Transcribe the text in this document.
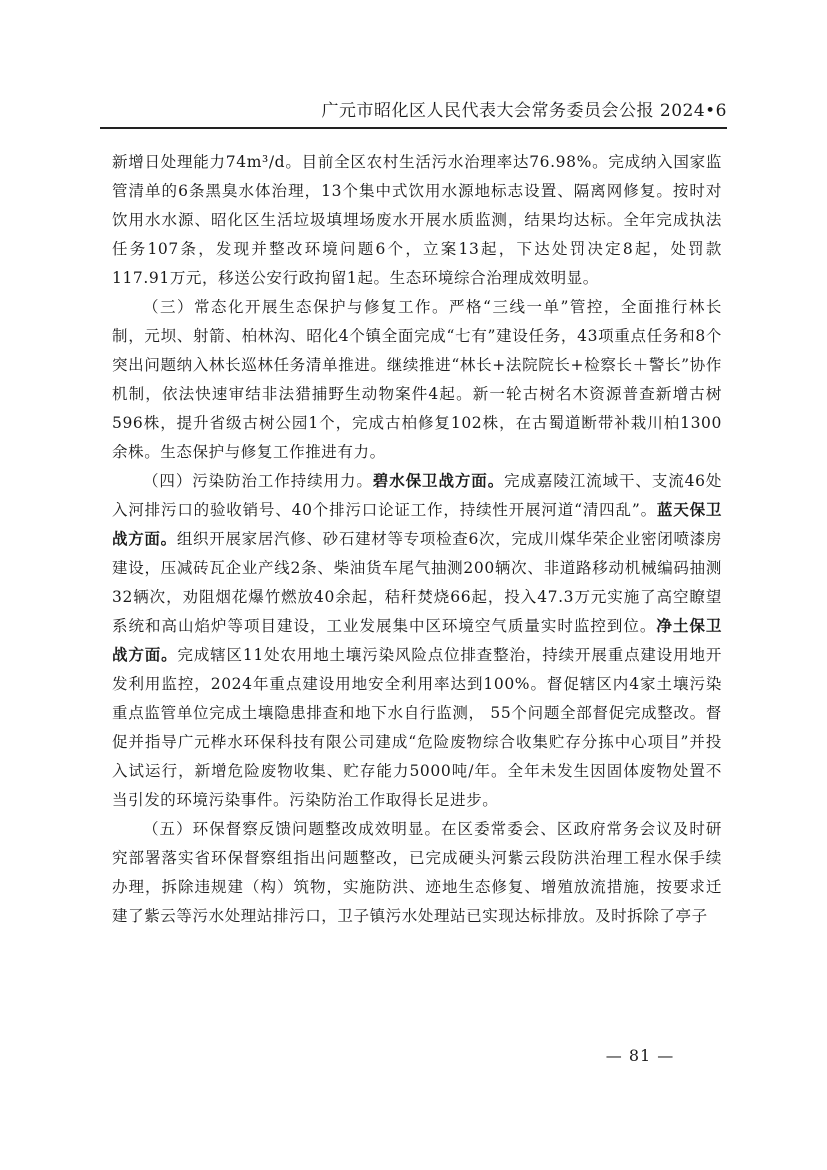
广元市昭化区人民代表大会常务委员会公报 2024•6

新增日处理能力74m³/d。目前全区农村生活污水治理率达76.98%。完成纳入国家监管清单的6条黑臭水体治理，13个集中式饮用水源地标志设置、隔离网修复。按时对饮用水水源、昭化区生活垃圾填埋场废水开展水质监测，结果均达标。全年完成执法任务107条，发现并整改环境问题6个，立案13起，下达处罚决定8起，处罚款117.91万元，移送公安行政拘留1起。生态环境综合治理成效明显。

（三）常态化开展生态保护与修复工作。严格“三线一单”管控，全面推行林长制，元坝、射箭、柏林沟、昭化4个镇全面完成“七有”建设任务，43项重点任务和8个突出问题纳入林长巡林任务清单推进。继续推进“林长+法院院长+检察长＋警长”协作机制，依法快速审结非法猎捕野生动物案件4起。新一轮古树名木资源普查新增古树596株，提升省级古树公园1个，完成古柏修复102株，在古蜀道断带补栽川柏1300余株。生态保护与修复工作推进有力。

（四）污染防治工作持续用力。碧水保卫战方面。完成嘉陵江流域干、支流46处入河排污口的验收销号、40个排污口论证工作，持续性开展河道“清四乱”。蓝天保卫战方面。组织开展家居汽修、砂石建材等专项检查6次，完成川煤华荣企业密闭喷漆房建设，压减砖瓦企业产线2条、柴油货车尾气抽测200辆次、非道路移动机械编码抽测32辆次，劝阻烟花爆竹燃放40余起，秸秆焚烧66起，投入47.3万元实施了高空瞭望系统和高山焰炉等项目建设，工业发展集中区环境空气质量实时监控到位。净土保卫战方面。完成辖区11处农用地土壤污染风险点位排查整治，持续开展重点建设用地开发利用监控，2024年重点建设用地安全利用率达到100%。督促辖区内4家土壤污染重点监管单位完成土壤隐患排查和地下水自行监测， 55个问题全部督促完成整改。督促并指导广元桦水环保科技有限公司建成“危险废物综合收集贮存分拣中心项目”并投入试运行，新增危险废物收集、贮存能力5000吨/年。全年未发生因固体废物处置不当引发的环境污染事件。污染防治工作取得长足进步。

（五）环保督察反馈问题整改成效明显。在区委常委会、区政府常务会议及时研究部署落实省环保督察组指出问题整改，已完成硬头河紫云段防洪治理工程水保手续办理，拆除违规建（构）筑物，实施防洪、迹地生态修复、增殖放流措施，按要求迁建了紫云等污水处理站排污口，卫子镇污水处理站已实现达标排放。及时拆除了亭子

— 81 —
